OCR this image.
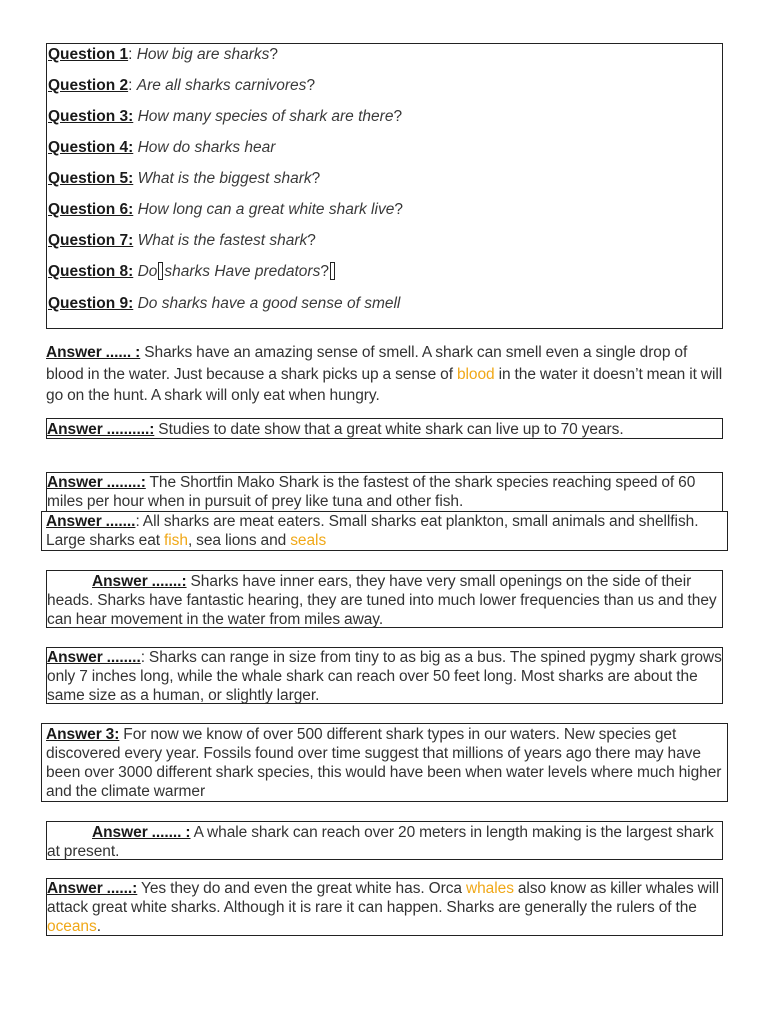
Question 1: How big are sharks?
Question 2: Are all sharks carnivores?
Question 3: How many species of shark are there?
Question 4: How do sharks hear
Question 5: What is the biggest shark?
Question 6: How long can a great white shark live?
Question 7: What is the fastest shark?
Question 8: Do sharks Have predators?
Question 9: Do sharks have a good sense of smell
Answer ...... : Sharks have an amazing sense of smell. A shark can smell even a single drop of blood in the water. Just because a shark picks up a sense of blood in the water it doesn’t mean it will go on the hunt. A shark will only eat when hungry.
Answer ..........: Studies to date show that a great white shark can live up to 70 years.
Answer ........: The Shortfin Mako Shark is the fastest of the shark species reaching speed of 60 miles per hour when in pursuit of prey like tuna and other fish.
Answer .......: All sharks are meat eaters. Small sharks eat plankton, small animals and shellfish. Large sharks eat fish, sea lions and seals
Answer .......: Sharks have inner ears, they have very small openings on the side of their heads. Sharks have fantastic hearing, they are tuned into much lower frequencies than us and they can hear movement in the water from miles away.
Answer ........: Sharks can range in size from tiny to as big as a bus. The spined pygmy shark grows only 7 inches long, while the whale shark can reach over 50 feet long. Most sharks are about the same size as a human, or slightly larger.
Answer 3: For now we know of over 500 different shark types in our waters. New species get discovered every year. Fossils found over time suggest that millions of years ago there may have been over 3000 different shark species, this would have been when water levels where much higher and the climate warmer
Answer ....... : A whale shark can reach over 20 meters in length making is the largest shark at present.
Answer ......: Yes they do and even the great white has. Orca whales also know as killer whales will attack great white sharks. Although it is rare it can happen. Sharks are generally the rulers of the oceans.
